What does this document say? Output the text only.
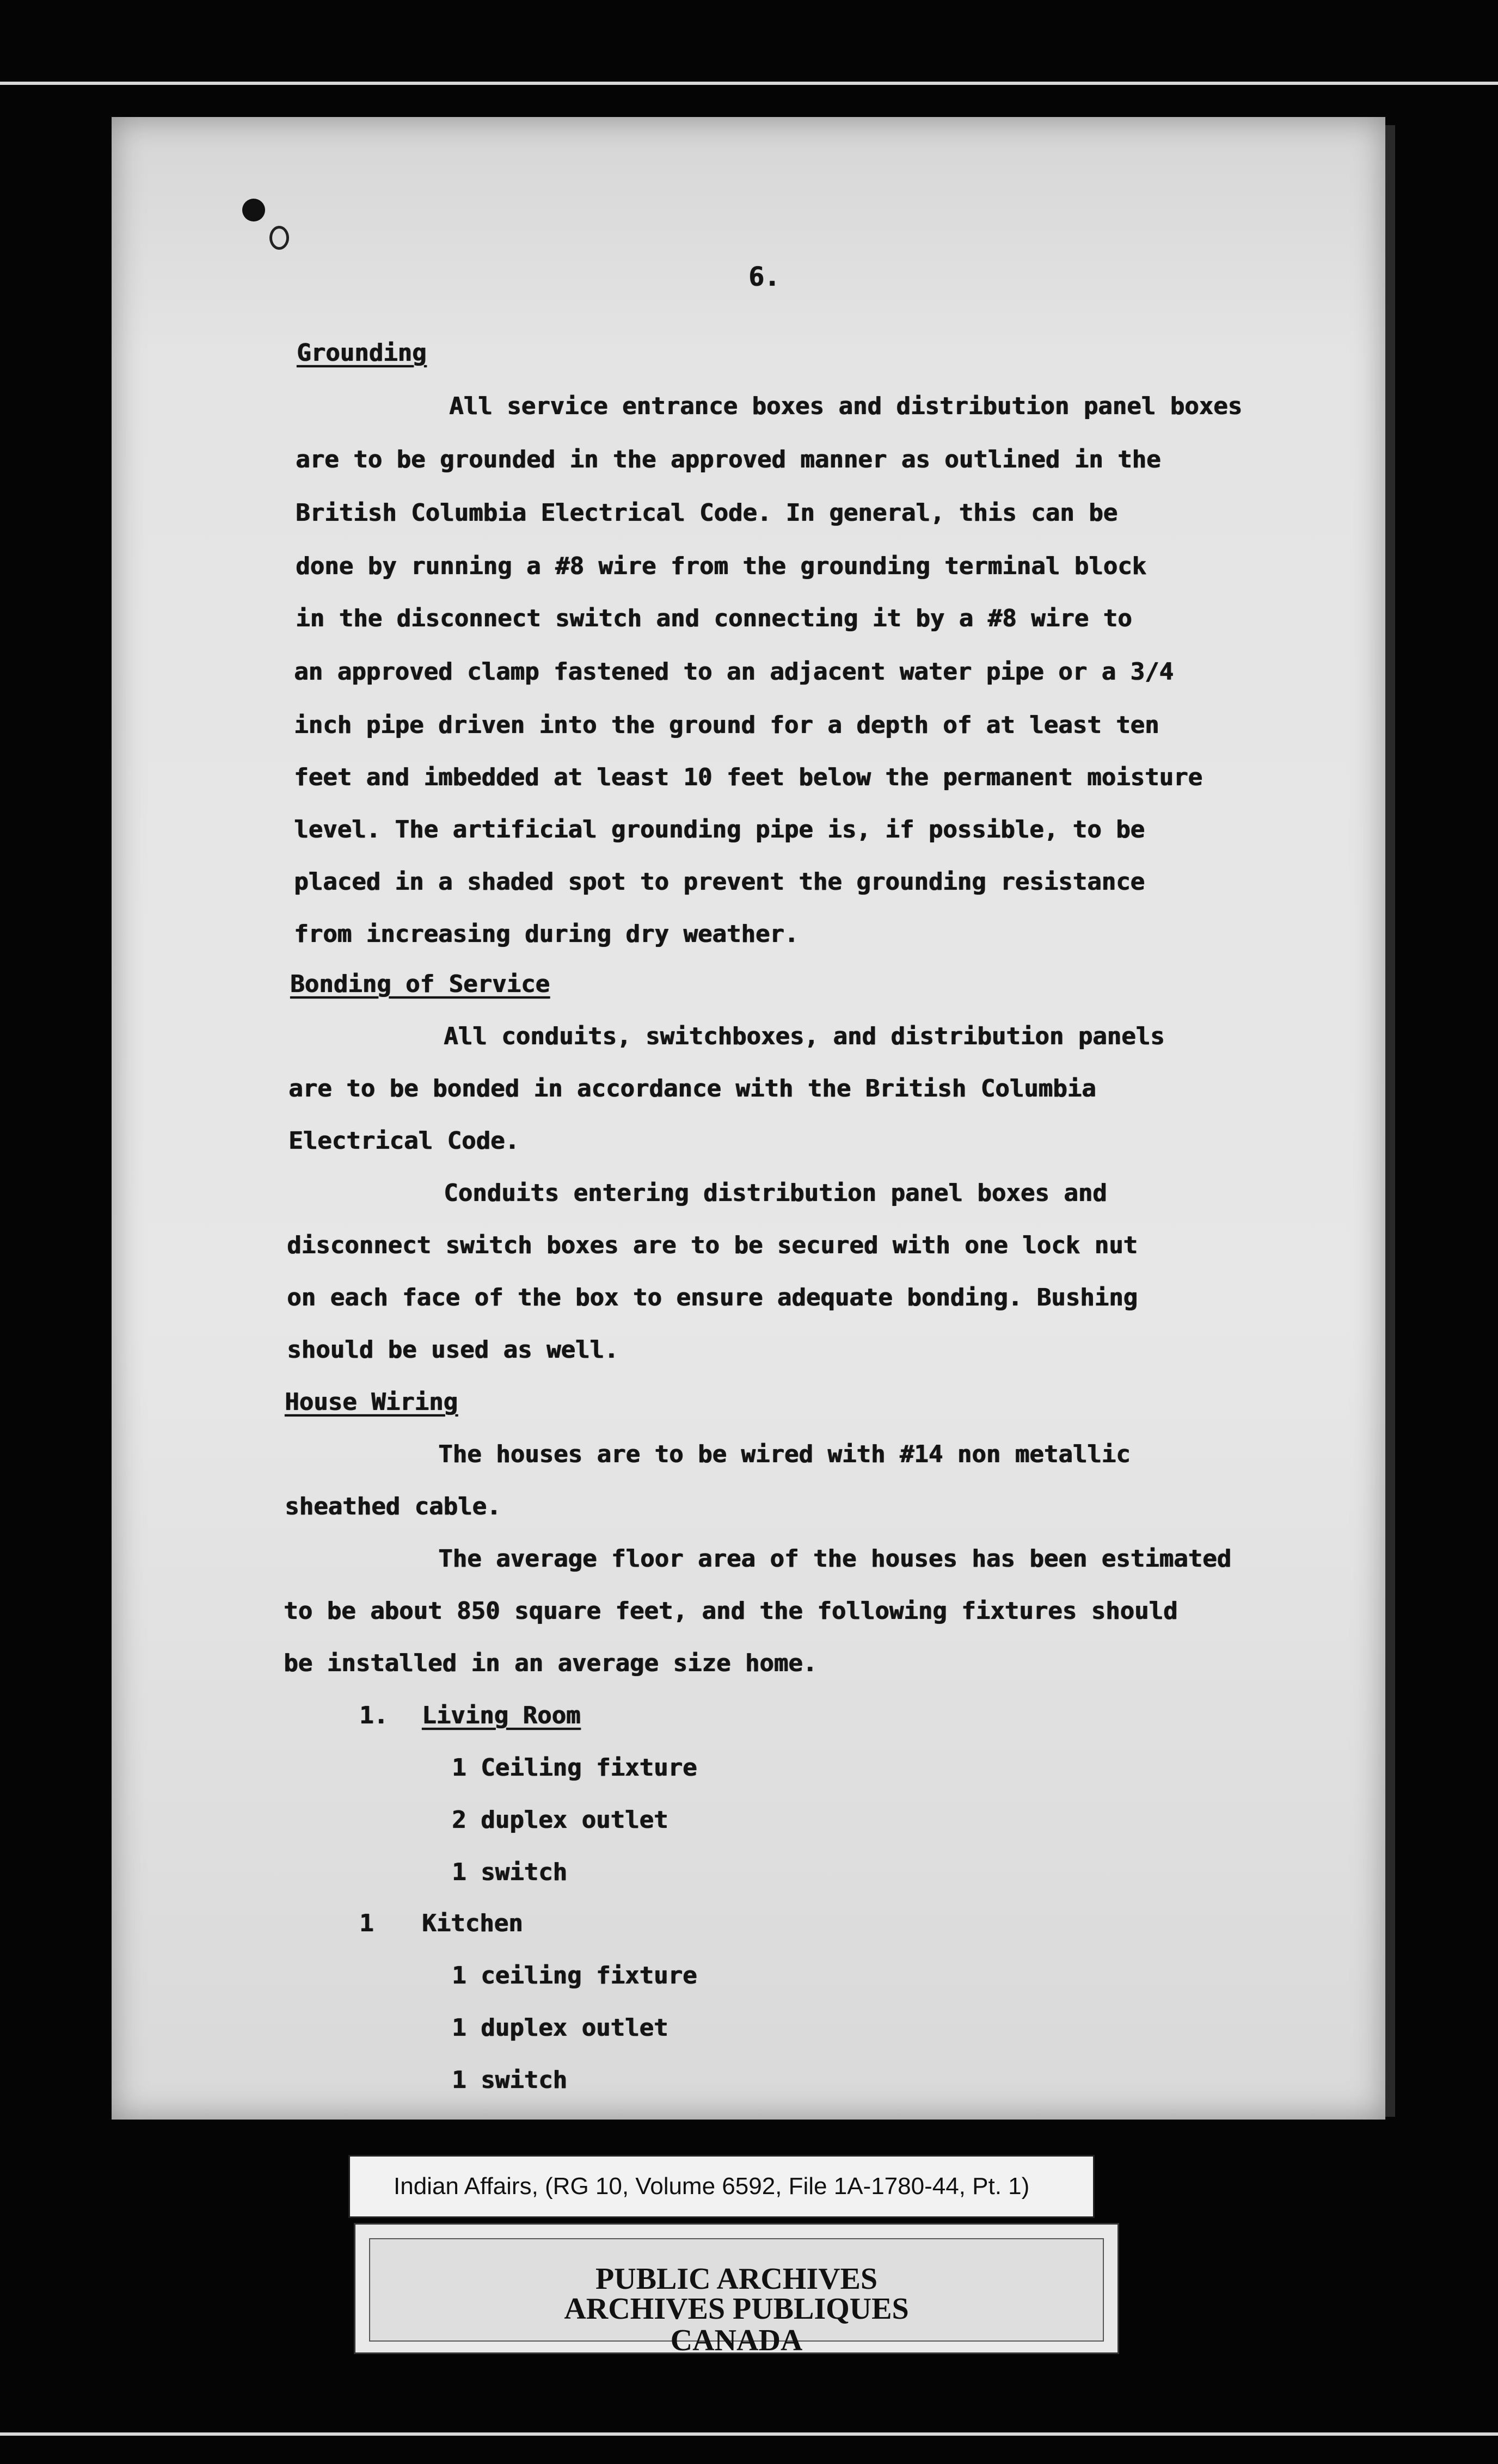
6.
Grounding
All service entrance boxes and distribution panel boxes
are to be grounded in the approved manner as outlined in the
British Columbia Electrical Code. In general, this can be
done by running a #8 wire from the grounding terminal block
in the disconnect switch and connecting it by a #8 wire to
an approved clamp fastened to an adjacent water pipe or a 3/4
inch pipe driven into the ground for a depth of at least ten
feet and imbedded at least 10 feet below the permanent moisture
level. The artificial grounding pipe is, if possible, to be
placed in a shaded spot to prevent the grounding resistance
from increasing during dry weather.
Bonding of Service
All conduits, switchboxes, and distribution panels
are to be bonded in accordance with the British Columbia
Electrical Code.
Conduits entering distribution panel boxes and
disconnect switch boxes are to be secured with one lock nut
on each face of the box to ensure adequate bonding. Bushing
should be used as well.
House Wiring
The houses are to be wired with #14 non metallic
sheathed cable.
The average floor area of the houses has been estimated
to be about 850 square feet, and the following fixtures should
be installed in an average size home.
1. Living Room
1 Ceiling fixture
2 duplex outlet
1 switch
1 Kitchen
1 ceiling fixture
1 duplex outlet
1 switch
Indian Affairs, (RG 10, Volume 6592, File 1A-1780-44, Pt. 1)
PUBLIC ARCHIVES
ARCHIVES PUBLIQUES
CANADA
